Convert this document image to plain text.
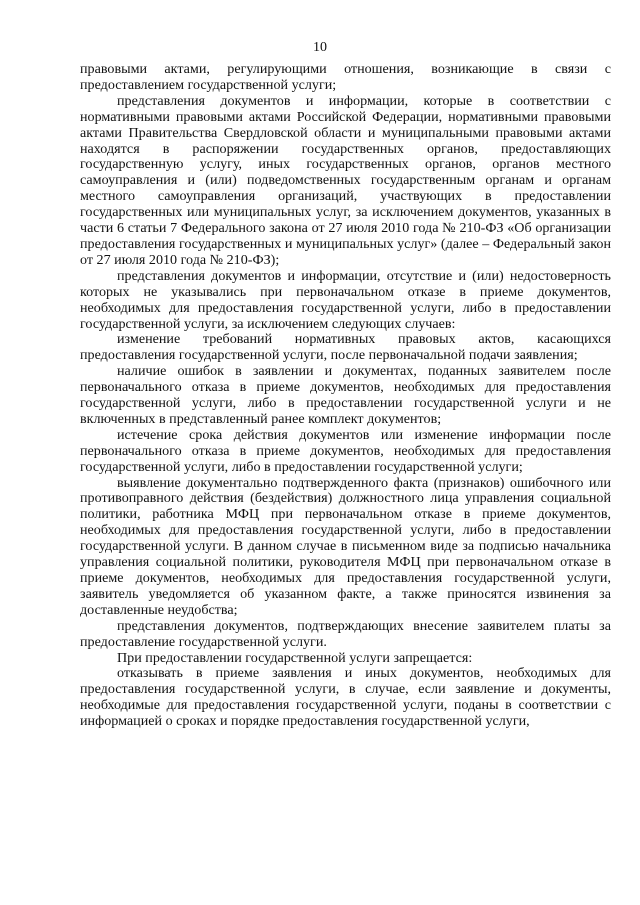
10

правовыми актами, регулирующими отношения, возникающие в связи с предоставлением государственной услуги;

представления документов и информации, которые в соответствии с нормативными правовыми актами Российской Федерации, нормативными правовыми актами Правительства Свердловской области и муниципальными правовыми актами находятся в распоряжении государственных органов, предоставляющих государственную услугу, иных государственных органов, органов местного самоуправления и (или) подведомственных государственным органам и органам местного самоуправления организаций, участвующих в предоставлении государственных или муниципальных услуг, за исключением документов, указанных в части 6 статьи 7 Федерального закона от 27 июля 2010 года № 210-ФЗ «Об организации предоставления государственных и муниципальных услуг» (далее – Федеральный закон от 27 июля 2010 года № 210-ФЗ);

представления документов и информации, отсутствие и (или) недостоверность которых не указывались при первоначальном отказе в приеме документов, необходимых для предоставления государственной услуги, либо в предоставлении государственной услуги, за исключением следующих случаев:

изменение требований нормативных правовых актов, касающихся предоставления государственной услуги, после первоначальной подачи заявления;

наличие ошибок в заявлении и документах, поданных заявителем после первоначального отказа в приеме документов, необходимых для предоставления государственной услуги, либо в предоставлении государственной услуги и не включенных в представленный ранее комплект документов;

истечение срока действия документов или изменение информации после первоначального отказа в приеме документов, необходимых для предоставления государственной услуги, либо в предоставлении государственной услуги;

выявление документально подтвержденного факта (признаков) ошибочного или противоправного действия (бездействия) должностного лица управления социальной политики, работника МФЦ при первоначальном отказе в приеме документов, необходимых для предоставления государственной услуги, либо в предоставлении государственной услуги. В данном случае в письменном виде за подписью начальника управления социальной политики, руководителя МФЦ при первоначальном отказе в приеме документов, необходимых для предоставления государственной услуги, заявитель уведомляется об указанном факте, а также приносятся извинения за доставленные неудобства;

представления документов, подтверждающих внесение заявителем платы за предоставление государственной услуги.

При предоставлении государственной услуги запрещается:

отказывать в приеме заявления и иных документов, необходимых для предоставления государственной услуги, в случае, если заявление и документы, необходимые для предоставления государственной услуги, поданы в соответствии с информацией о сроках и порядке предоставления государственной услуги,
